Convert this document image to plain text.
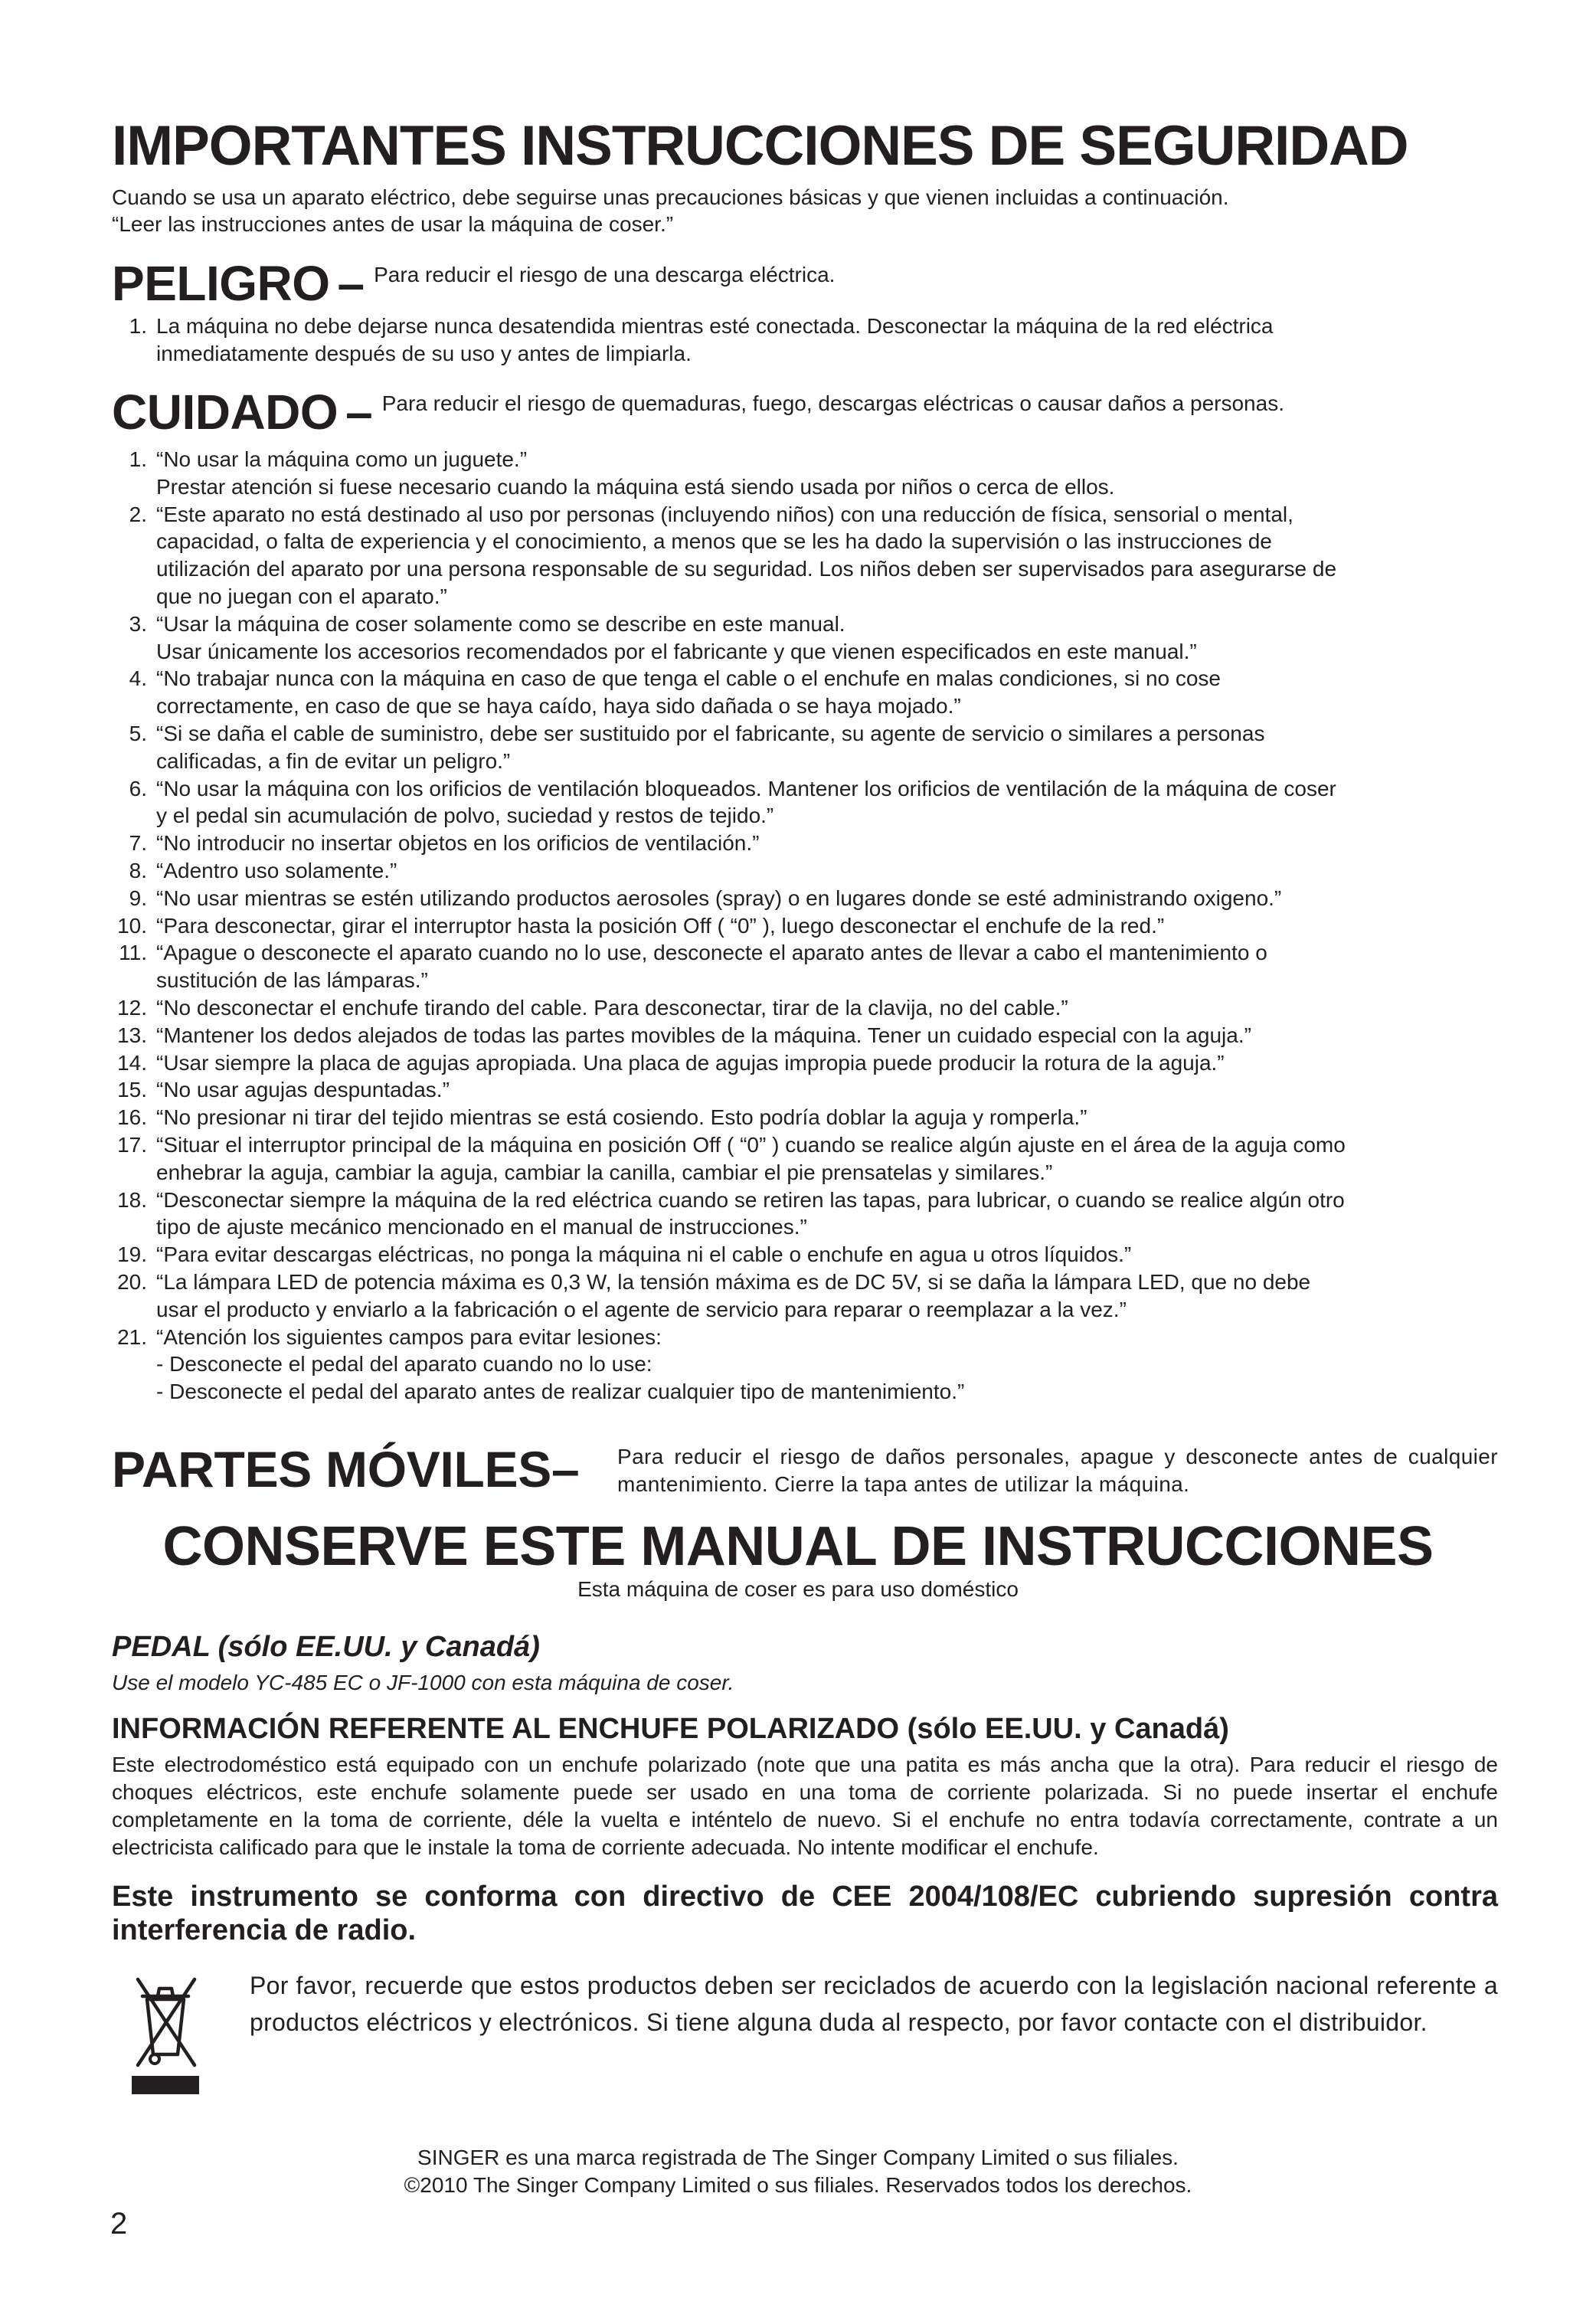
IMPORTANTES INSTRUCCIONES DE SEGURIDAD
Cuando se usa un aparato eléctrico, debe seguirse unas precauciones básicas y que vienen incluidas a continuación.
“Leer las instrucciones antes de usar la máquina de coser.”
PELIGRO – Para reducir el riesgo de una descarga eléctrica.
1. La máquina no debe dejarse nunca desatendida mientras esté conectada. Desconectar la máquina de la red eléctrica
inmediatamente después de su uso y antes de limpiarla.
CUIDADO – Para reducir el riesgo de quemaduras, fuego, descargas eléctricas o causar daños a personas.
1. “No usar la máquina como un juguete.”
Prestar atención si fuese necesario cuando la máquina está siendo usada por niños o cerca de ellos.
2. “Este aparato no está destinado al uso por personas (incluyendo niños) con una reducción de física, sensorial o mental,
capacidad, o falta de experiencia y el conocimiento, a menos que se les ha dado la supervisión o las instrucciones de
utilización del aparato por una persona responsable de su seguridad. Los niños deben ser supervisados para asegurarse de
que no juegan con el aparato.”
3. “Usar la máquina de coser solamente como se describe en este manual.
Usar únicamente los accesorios recomendados por el fabricante y que vienen especificados en este manual.”
4. “No trabajar nunca con la máquina en caso de que tenga el cable o el enchufe en malas condiciones, si no cose
correctamente, en caso de que se haya caído, haya sido dañada o se haya mojado.”
5. “Si se daña el cable de suministro, debe ser sustituido por el fabricante, su agente de servicio o similares a personas
calificadas, a fin de evitar un peligro.”
6. “No usar la máquina con los orificios de ventilación bloqueados. Mantener los orificios de ventilación de la máquina de coser
y el pedal sin acumulación de polvo, suciedad y restos de tejido.”
7. “No introducir no insertar objetos en los orificios de ventilación.”
8. “Adentro uso solamente.”
9. “No usar mientras se estén utilizando productos aerosoles (spray) o en lugares donde se esté administrando oxigeno.”
10. “Para desconectar, girar el interruptor hasta la posición Off ( “0” ), luego desconectar el enchufe de la red.”
11. “Apague o desconecte el aparato cuando no lo use, desconecte el aparato antes de llevar a cabo el mantenimiento o
sustitución de las lámparas.”
12. “No desconectar el enchufe tirando del cable. Para desconectar, tirar de la clavija, no del cable.”
13. “Mantener los dedos alejados de todas las partes movibles de la máquina. Tener un cuidado especial con la aguja.”
14. “Usar siempre la placa de agujas apropiada. Una placa de agujas impropia puede producir la rotura de la aguja.”
15. “No usar agujas despuntadas.”
16. “No presionar ni tirar del tejido mientras se está cosiendo. Esto podría doblar la aguja y romperla.”
17. “Situar el interruptor principal de la máquina en posición Off ( “0” ) cuando se realice algún ajuste en el área de la aguja como
enhebrar la aguja, cambiar la aguja, cambiar la canilla, cambiar el pie prensatelas y similares.”
18. “Desconectar siempre la máquina de la red eléctrica cuando se retiren las tapas, para lubricar, o cuando se realice algún otro
tipo de ajuste mecánico mencionado en el manual de instrucciones.”
19. “Para evitar descargas eléctricas, no ponga la máquina ni el cable o enchufe en agua u otros líquidos.”
20. “La lámpara LED de potencia máxima es 0,3 W, la tensión máxima es de DC 5V, si se daña la lámpara LED, que no debe
usar el producto y enviarlo a la fabricación o el agente de servicio para reparar o reemplazar a la vez.”
21. “Atención los siguientes campos para evitar lesiones:
- Desconecte el pedal del aparato cuando no lo use:
- Desconecte el pedal del aparato antes de realizar cualquier tipo de mantenimiento.”
PARTES MÓVILES– Para reducir el riesgo de daños personales, apague y desconecte antes de cualquier mantenimiento. Cierre la tapa antes de utilizar la máquina.
CONSERVE ESTE MANUAL DE INSTRUCCIONES
Esta máquina de coser es para uso doméstico
PEDAL (sólo EE.UU. y Canadá)
Use el modelo YC-485 EC o JF-1000 con esta máquina de coser.
INFORMACIÓN REFERENTE AL ENCHUFE POLARIZADO (sólo EE.UU. y Canadá)
Este electrodoméstico está equipado con un enchufe polarizado (note que una patita es más ancha que la otra). Para reducir el riesgo de choques eléctricos, este enchufe solamente puede ser usado en una toma de corriente polarizada. Si no puede insertar el enchufe completamente en la toma de corriente, déle la vuelta e inténtelo de nuevo. Si el enchufe no entra todavía correctamente, contrate a un electricista calificado para que le instale la toma de corriente adecuada. No intente modificar el enchufe.
Este instrumento se conforma con directivo de CEE 2004/108/EC cubriendo supresión contra interferencia de radio.
Por favor, recuerde que estos productos deben ser reciclados de acuerdo con la legislación nacional referente a productos eléctricos y electrónicos. Si tiene alguna duda al respecto, por favor contacte con el distribuidor.
SINGER es una marca registrada de The Singer Company Limited o sus filiales.
©2010 The Singer Company Limited o sus filiales. Reservados todos los derechos.
2
